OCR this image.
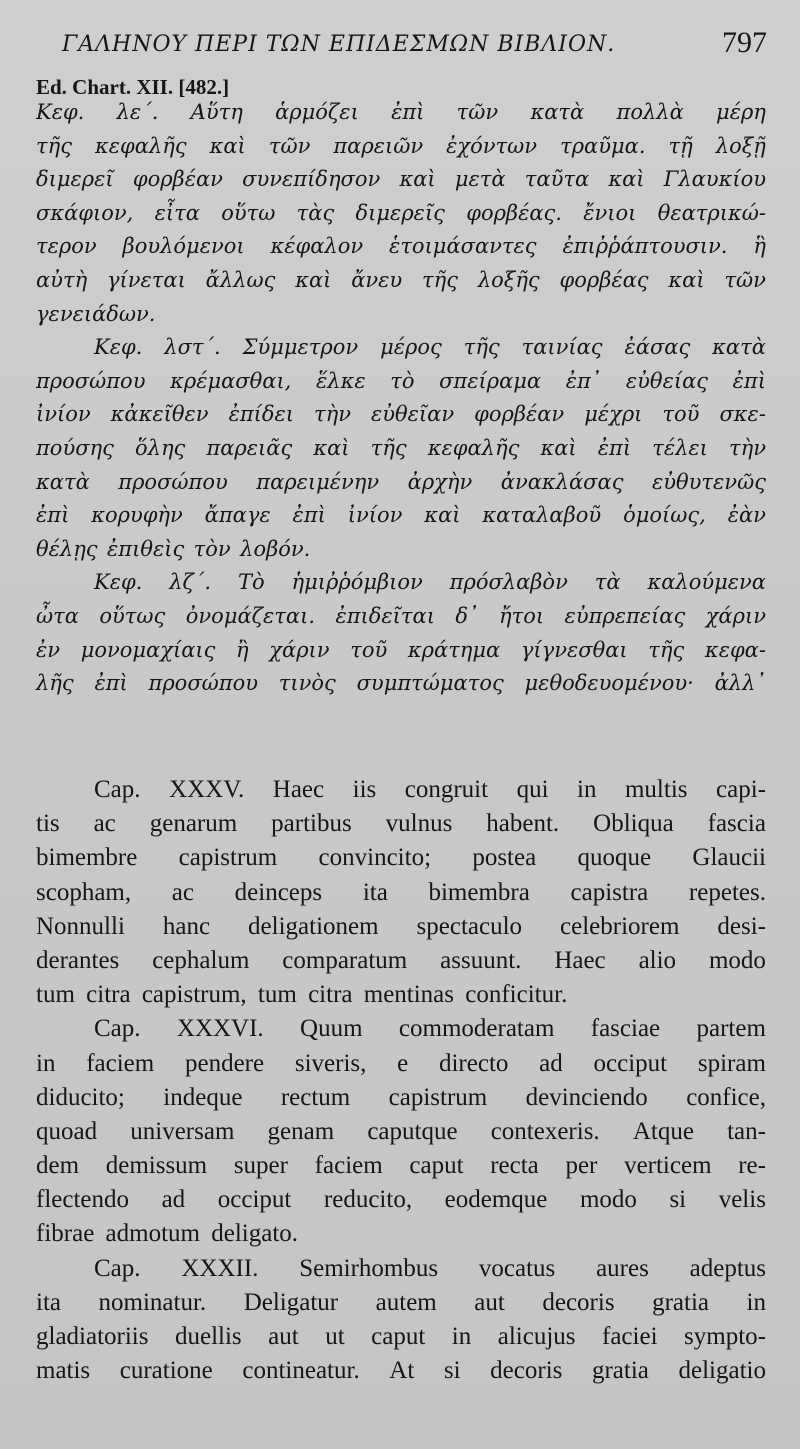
ΓΑΛΗΝΟΥ ΠΕΡΙ ΤΩΝ ΕΠΙΔΕΣΜΩΝ ΒΙΒΛΙΟΝ.	797
Ed. Chart. XII. [482.]
Κεφ. λε΄. Αὕτη ἁρμόζει ἐπὶ τῶν κατὰ πολλὰ μέρη
τῆς κεφαλῆς καὶ τῶν παρειῶν ἐχόντων τραῦμα. τῇ λοξῇ
διμερεῖ φορβέαν συνεπίδησον καὶ μετὰ ταῦτα καὶ Γλαυκίου
σκάφιον, εἶτα οὕτω τὰς διμερεῖς φορβέας. ἔνιοι θεατρικώ-
τερον βουλόμενοι κέφαλον ἑτοιμάσαντες ἐπιῤῥάπτουσιν. ἣ
αὐτὴ γίνεται ἄλλως καὶ ἄνευ τῆς λοξῆς φορβέας καὶ τῶν
γενειάδων.
Κεφ. λστ΄. Σύμμετρον μέρος τῆς ταινίας ἐάσας κατὰ
προσώπου κρέμασθαι, ἕλκε τὸ σπείραμα ἐπ᾿ εὐθείας ἐπὶ
ἰνίον κἀκεῖθεν ἐπίδει τὴν εὐθεῖαν φορβέαν μέχρι τοῦ σκε-
πούσης ὅλης παρειᾶς καὶ τῆς κεφαλῆς καὶ ἐπὶ τέλει τὴν
κατὰ προσώπου παρειμένην ἀρχὴν ἀνακλάσας εὐθυτενῶς
ἐπὶ κορυφὴν ἄπαγε ἐπὶ ἰνίον καὶ καταλαβοῦ ὁμοίως, ἐὰν
θέλῃς ἐπιθεὶς τὸν λοβόν.
Κεφ. λζ΄. Τὸ ἡμιῤῥόμβιον πρόσλαβὸν τὰ καλούμενα
ὦτα οὕτως ὀνομάζεται. ἐπιδεῖται δ᾿ ἤτοι εὐπρεπείας χάριν
ἐν μονομαχίαις ἢ χάριν τοῦ κράτημα γίγνεσθαι τῆς κεφα-
λῆς ἐπὶ προσώπου τινὸς συμπτώματος μεθοδευομένου· ἀλλ᾿
Cap. XXXV. Haec iis congruit qui in multis capi-
tis ac genarum partibus vulnus habent. Obliqua fascia
bimembre capistrum convincito; postea quoque Glaucii
scopham, ac deinceps ita bimembra capistra repetes.
Nonnulli hanc deligationem spectaculo celebriorem desi-
derantes cephalum comparatum assuunt. Haec alio modo
tum citra capistrum, tum citra mentinas conficitur.
Cap. XXXVI. Quum commoderatam fasciae partem
in faciem pendere siveris, e directo ad occiput spiram
diducito; indeque rectum capistrum devinciendo confice,
quoad universam genam caputque contexeris. Atque tan-
dem demissum super faciem caput recta per verticem re-
flectendo ad occiput reducito, eodemque modo si velis
fibrae admotum deligato.
Cap. XXXII. Semirhombus vocatus aures adeptus
ita nominatur. Deligatur autem aut decoris gratia in
gladiatoriis duellis aut ut caput in alicujus faciei sympto-
matis curatione contineatur. At si decoris gratia deligatio
